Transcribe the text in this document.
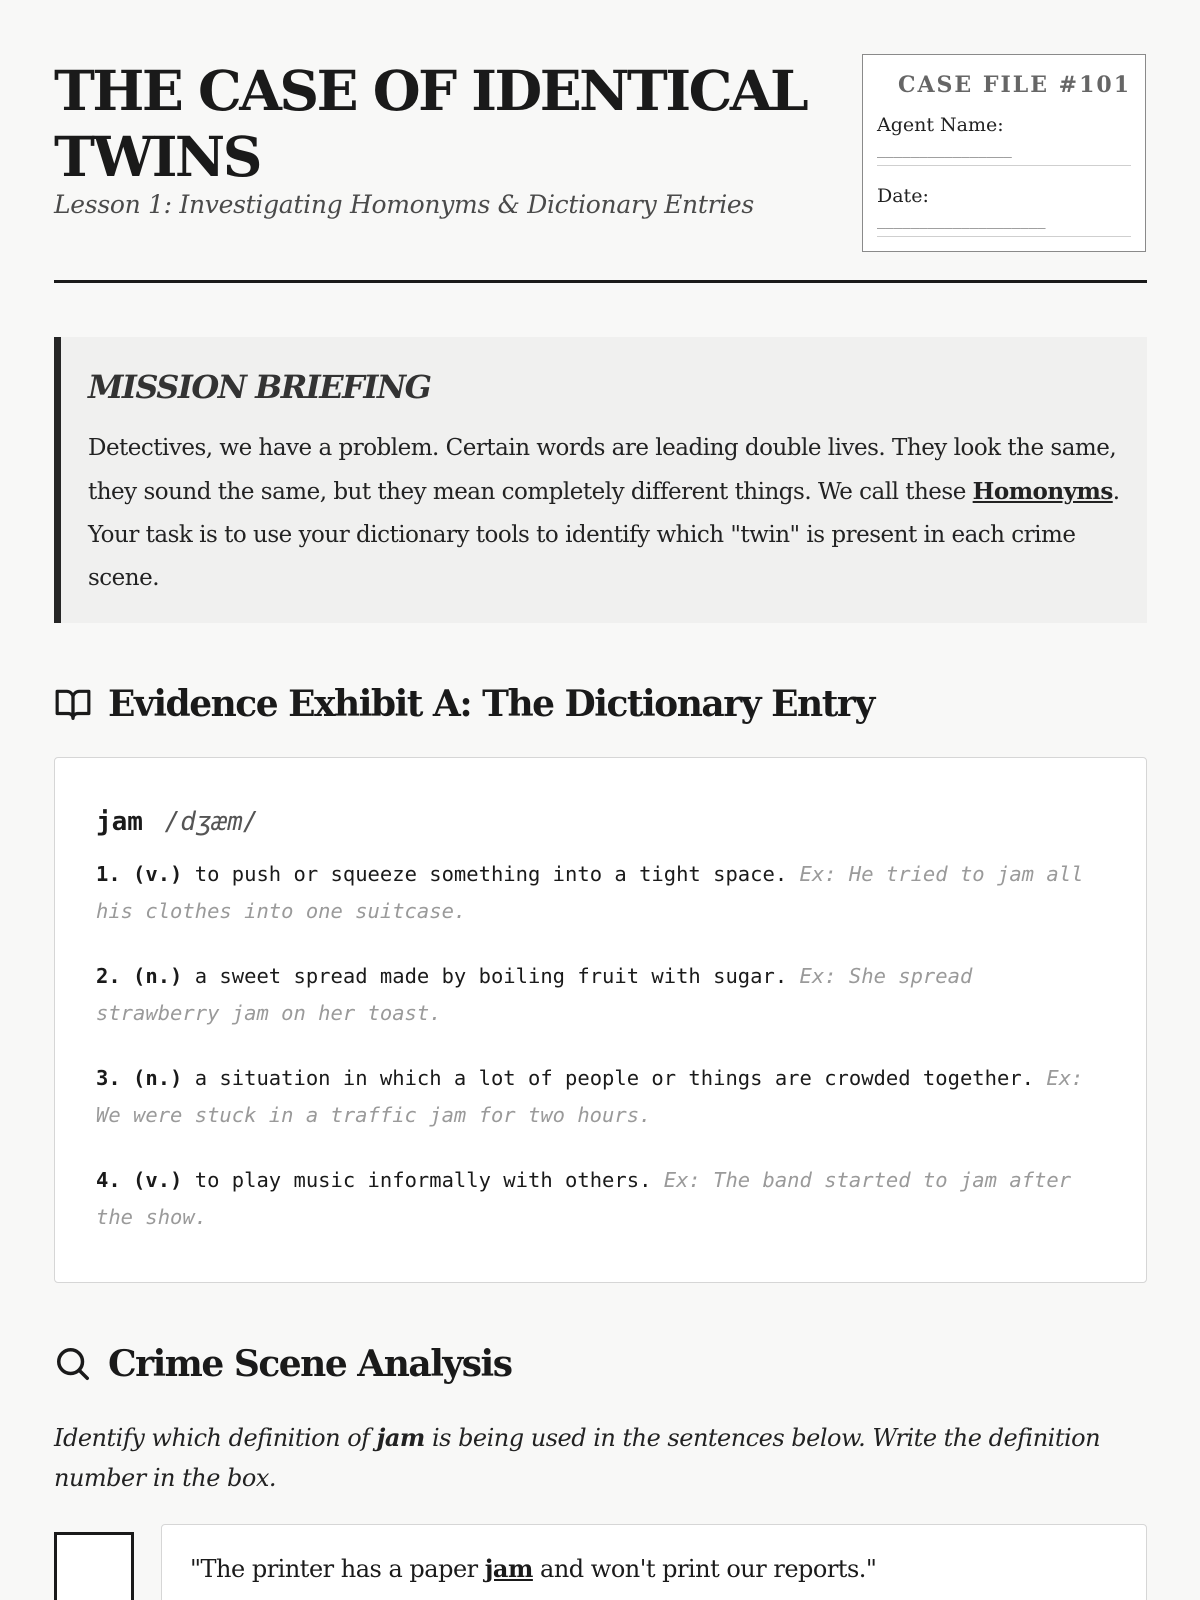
THE CASE OF IDENTICAL TWINS

Lesson 1: Investigating Homonyms & Dictionary Entries

CASE FILE #101
Agent Name:
________________
Date:
____________________
MISSION BRIEFING

Detectives, we have a problem. Certain words are leading double lives. They look the same, they sound the same, but they mean completely different things. We call these Homonyms. Your task is to use your dictionary tools to identify which "twin" is present in each crime scene.

Evidence Exhibit A: The Dictionary Entry
jam /dʒæm/
1. (v.) to push or squeeze something into a tight space. Ex: He tried to jam all his clothes into one suitcase.
2. (n.) a sweet spread made by boiling fruit with sugar. Ex: She spread strawberry jam on her toast.
3. (n.) a situation in which a lot of people or things are crowded together. Ex: We were stuck in a traffic jam for two hours.
4. (v.) to play music informally with others. Ex: The band started to jam after the show.
Crime Scene Analysis

Identify which definition of jam is being used in the sentences below. Write the definition number in the box.

"The printer has a paper jam and won't print our reports."
